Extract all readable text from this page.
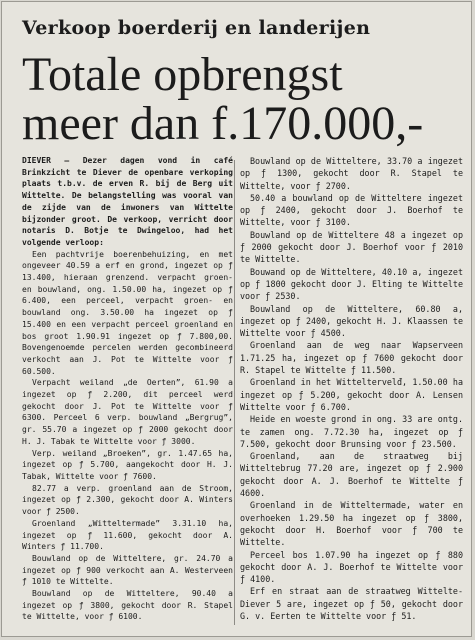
Verkoop boerderij en landerijen
Totale opbrengst
meer dan f.170.000,-

DIEVER — Dezer dagen vond in café Brinkzicht te Diever de openbare verkoping plaats t.b.v. de erven R. bij de Berg uit Wittelte. De belangstelling was vooral van de zijde van de inwoners van Wittelte bijzonder groot. De verkoop, verricht door notaris D. Botje te Dwingeloo, had het volgende verloop:

Een pachtvrije boerenbehuizing, en met ongeveer 40.59 a erf en grond, ingezet op ƒ 13.400, hieraan grenzend. verpacht groen- en bouwland, ong. 1.50.00 ha, ingezet op ƒ 6.400, een perceel, verpacht groen- en bouwland ong. 3.50.00 ha ingezet op ƒ 15.400 en een verpacht perceel groenland en bos groot 1.90.91 ingezet op ƒ 7.800,00. Bovengenoemde percelen werden gecombineerd verkocht aan J. Pot te Wittelte voor ƒ 60.500.

Verpacht weiland „de Oerten”, 61.90 a ingezet op ƒ 2.200, dit perceel werd gekocht door J. Pot te Wittelte voor ƒ 6300. Perceel 6 verp. bouwland „Bergrug”, gr. 55.70 a ingezet op ƒ 2000 gekocht door H. J. Tabak te Wittelte voor ƒ 3000.

Verp. weiland „Broeken”, gr. 1.47.65 ha, ingezet op ƒ 5.700, aangekocht door H. J. Tabak, Wittelte voor ƒ 7600.

82.77 a verp. groenland aan de Stroom, ingezet op ƒ 2.300, gekocht door A. Winters voor ƒ 2500.

Groenland „Witteltermade” 3.31.10 ha, ingezet op ƒ 11.600, gekocht door A. Winters ƒ 11.700.

Bouwland op de Witteltere, gr. 24.70 a ingezet op ƒ 900 verkocht aan A. Westerveen ƒ 1010 te Wittelte.

Bouwland op de Witteltere, 90.40 a ingezet op ƒ 3800, gekocht door R. Stapel te Wittelte, voor ƒ 6100.

Bouwland op de Witteltere, 33.70 a ingezet op ƒ 1300, gekocht door R. Stapel te Wittelte, voor ƒ 2700.

50.40 a bouwland op de Witteltere ingezet op ƒ 2400, gekocht door J. Boerhof te Wittelte, voor ƒ 3100.

Bouwland op de Witteltere 48 a ingezet op ƒ 2000 gekocht door J. Boerhof voor ƒ 2010 te Wittelte.

Bouwand op de Witteltere, 40.10 a, ingezet op ƒ 1800 gekocht door J. Elting te Wittelte voor ƒ 2530.

Bouwland op de Witteltere, 60.80 a, ingezet op ƒ 2400, gekocht H. J. Klaassen te Wittelte voor ƒ 4500.

Groenland aan de weg naar Wapserveen 1.71.25 ha, ingezet op ƒ 7600 gekocht door R. Stapel te Wittelte ƒ 11.500.

Groenland in het Witteltervelđ, 1.50.00 ha ingezet op ƒ 5.200, gekocht door A. Lensen Wittelte voor ƒ 6.700.

Heide en woeste grond in ong. 33 are ontg. te zamen ong. 7.72.30 ha, ingezet op ƒ 7.500, gekocht door Brunsing voor ƒ 23.500.

Groenland, aan de straatweg bij Witteltebrug 77.20 are, ingezet op ƒ 2.900 gekocht door A. J. Boerhof te Wittelte ƒ 4600.

Groenland in de Witteltermade, water en overhoeken 1.29.50 ha ingezet op ƒ 3800, gekocht door H. Boerhof voor ƒ 700 te Wittelte.

Perceel bos 1.07.90 ha ingezet op ƒ 880 gekocht door A. J. Boerhof te Wittelte voor ƒ 4100.

Erf en straat aan de straatweg Wittelte-Diever 5 are, ingezet op ƒ 50, gekocht door G. v. Eerten te Wittelte voor ƒ 51.
